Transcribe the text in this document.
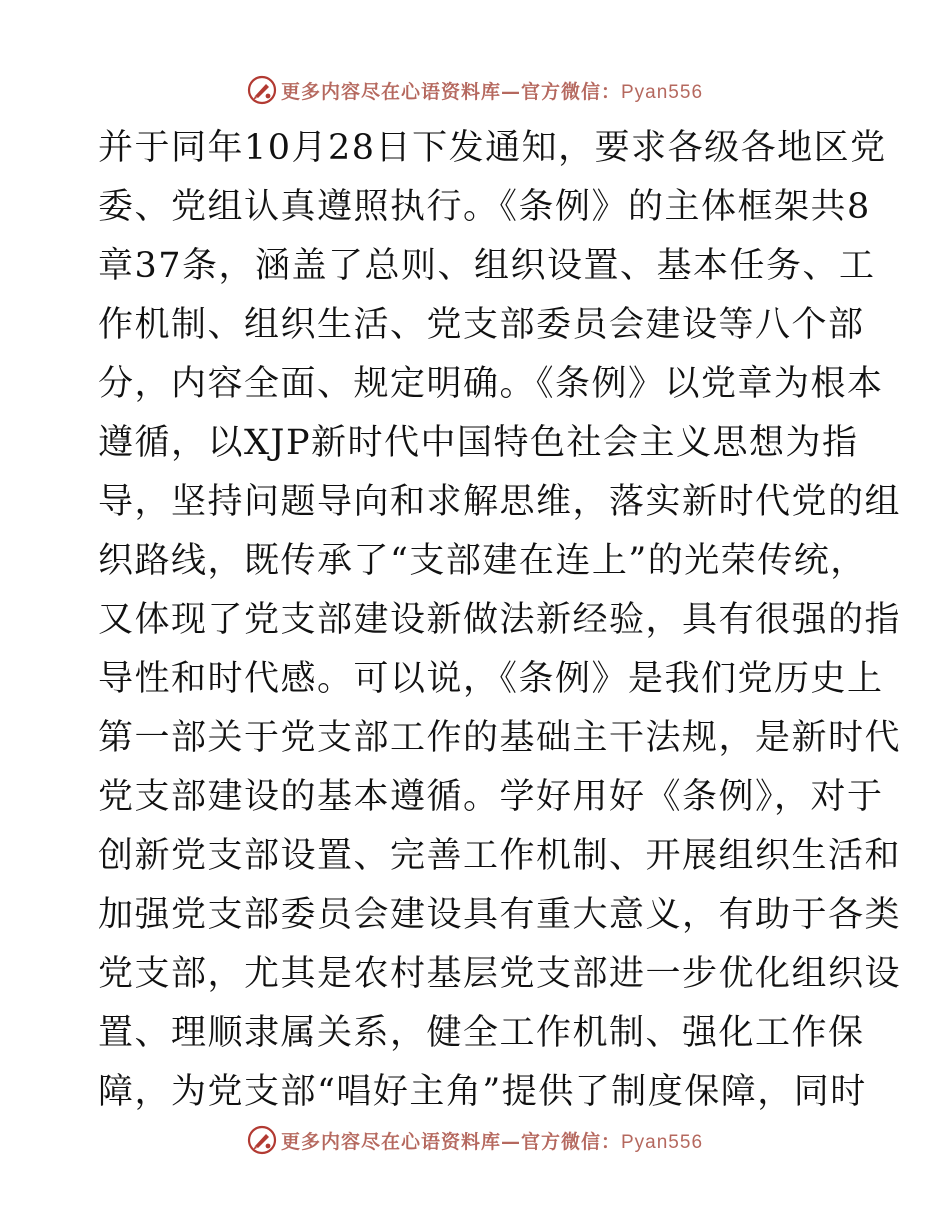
更多内容尽在心语资料库—官方微信：Pyan556
并于同年10月28日下发通知，要求各级各地区党
委、党组认真遵照执行。《条例》的主体框架共8
章37条，涵盖了总则、组织设置、基本任务、工
作机制、组织生活、党支部委员会建设等八个部
分，内容全面、规定明确。《条例》以党章为根本
遵循，以XJP新时代中国特色社会主义思想为指
导，坚持问题导向和求解思维，落实新时代党的组
织路线，既传承了“支部建在连上”的光荣传统，
又体现了党支部建设新做法新经验，具有很强的指
导性和时代感。可以说，《条例》是我们党历史上
第一部关于党支部工作的基础主干法规，是新时代
党支部建设的基本遵循。学好用好《条例》，对于
创新党支部设置、完善工作机制、开展组织生活和
加强党支部委员会建设具有重大意义，有助于各类
党支部，尤其是农村基层党支部进一步优化组织设
置、理顺隶属关系，健全工作机制、强化工作保
障，为党支部“唱好主角”提供了制度保障，同时
更多内容尽在心语资料库—官方微信：Pyan556
